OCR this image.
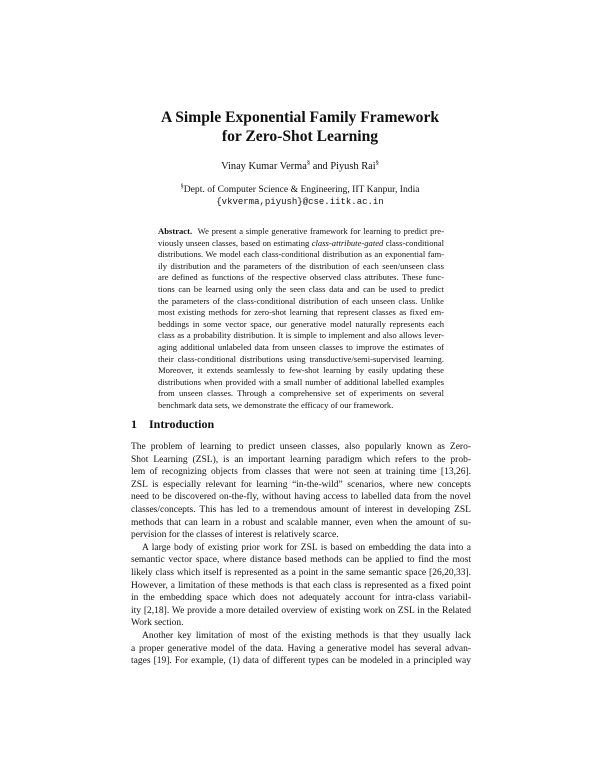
A Simple Exponential Family Framework
for Zero-Shot Learning
Vinay Kumar Verma§ and Piyush Rai§
§Dept. of Computer Science & Engineering, IIT Kanpur, India
{vkverma,piyush}@cse.iitk.ac.in
Abstract.  We present a simple generative framework for learning to predict pre-
viously unseen classes, based on estimating class-attribute-gated class-conditional
distributions. We model each class-conditional distribution as an exponential fam-
ily distribution and the parameters of the distribution of each seen/unseen class
are defined as functions of the respective observed class attributes. These func-
tions can be learned using only the seen class data and can be used to predict
the parameters of the class-conditional distribution of each unseen class. Unlike
most existing methods for zero-shot learning that represent classes as fixed em-
beddings in some vector space, our generative model naturally represents each
class as a probability distribution. It is simple to implement and also allows lever-
aging additional unlabeled data from unseen classes to improve the estimates of
their class-conditional distributions using transductive/semi-supervised learning.
Moreover, it extends seamlessly to few-shot learning by easily updating these
distributions when provided with a small number of additional labelled examples
from unseen classes. Through a comprehensive set of experiments on several
benchmark data sets, we demonstrate the efficacy of our framework.
1 Introduction
The problem of learning to predict unseen classes, also popularly known as Zero-
Shot Learning (ZSL), is an important learning paradigm which refers to the prob-
lem of recognizing objects from classes that were not seen at training time [13,26].
ZSL is especially relevant for learning “in-the-wild” scenarios, where new concepts
need to be discovered on-the-fly, without having access to labelled data from the novel
classes/concepts. This has led to a tremendous amount of interest in developing ZSL
methods that can learn in a robust and scalable manner, even when the amount of su-
pervision for the classes of interest is relatively scarce.
A large body of existing prior work for ZSL is based on embedding the data into a
semantic vector space, where distance based methods can be applied to find the most
likely class which itself is represented as a point in the same semantic space [26,20,33].
However, a limitation of these methods is that each class is represented as a fixed point
in the embedding space which does not adequately account for intra-class variabil-
ity [2,18]. We provide a more detailed overview of existing work on ZSL in the Related
Work section.
Another key limitation of most of the existing methods is that they usually lack
a proper generative model of the data. Having a generative model has several advan-
tages [19]. For example, (1) data of different types can be modeled in a principled way
